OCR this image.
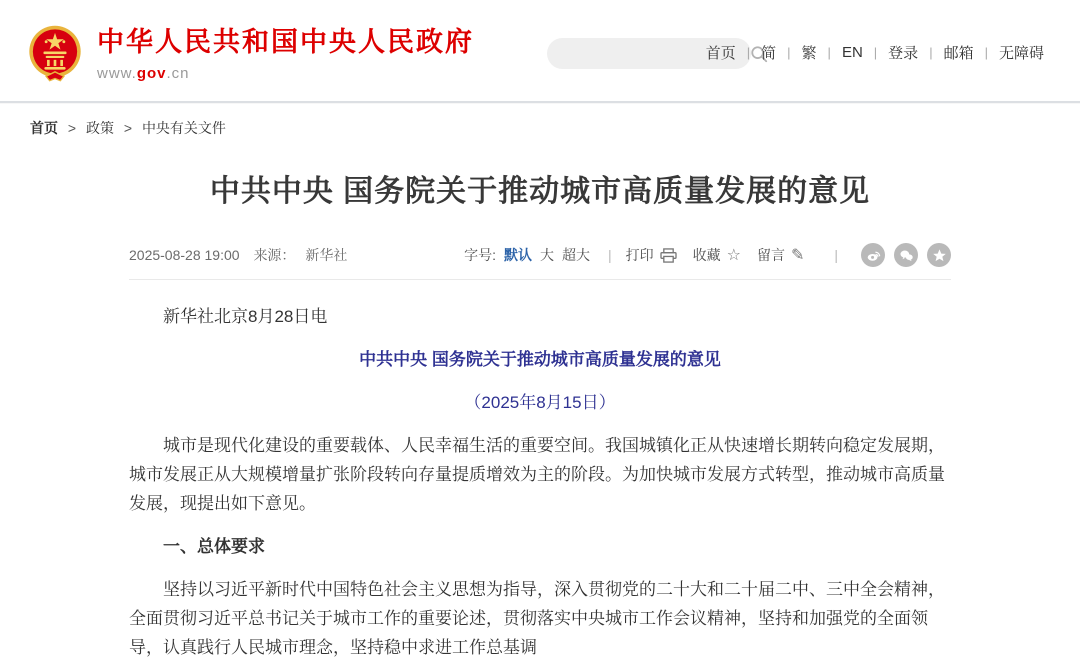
中华人民共和国中央人民政府
www.gov.cn
首页 | 简 | 繁 | EN | 登录 | 邮箱 | 无障碍
首页 > 政策 > 中央有关文件
中共中央 国务院关于推动城市高质量发展的意见
2025-08-28 19:00 来源： 新华社	字号: 默认 大 超大 | 打印	收藏 ☆ 留言 ✎ |

新华社北京8月28日电

中共中央 国务院关于推动城市高质量发展的意见

（2025年8月15日）

城市是现代化建设的重要载体、人民幸福生活的重要空间。我国城镇化正从快速增长期转向稳定发展期，城市发展正从大规模增量扩张阶段转向存量提质增效为主的阶段。为加快城市发展方式转型，推动城市高质量发展，现提出如下意见。

一、总体要求

坚持以习近平新时代中国特色社会主义思想为指导，深入贯彻党的二十大和二十届二中、三中全会精神，全面贯彻习近平总书记关于城市工作的重要论述，贯彻落实中央城市工作会议精神，坚持和加强党的全面领导，认真践行人民城市理念，坚持稳中求进工作总基调
